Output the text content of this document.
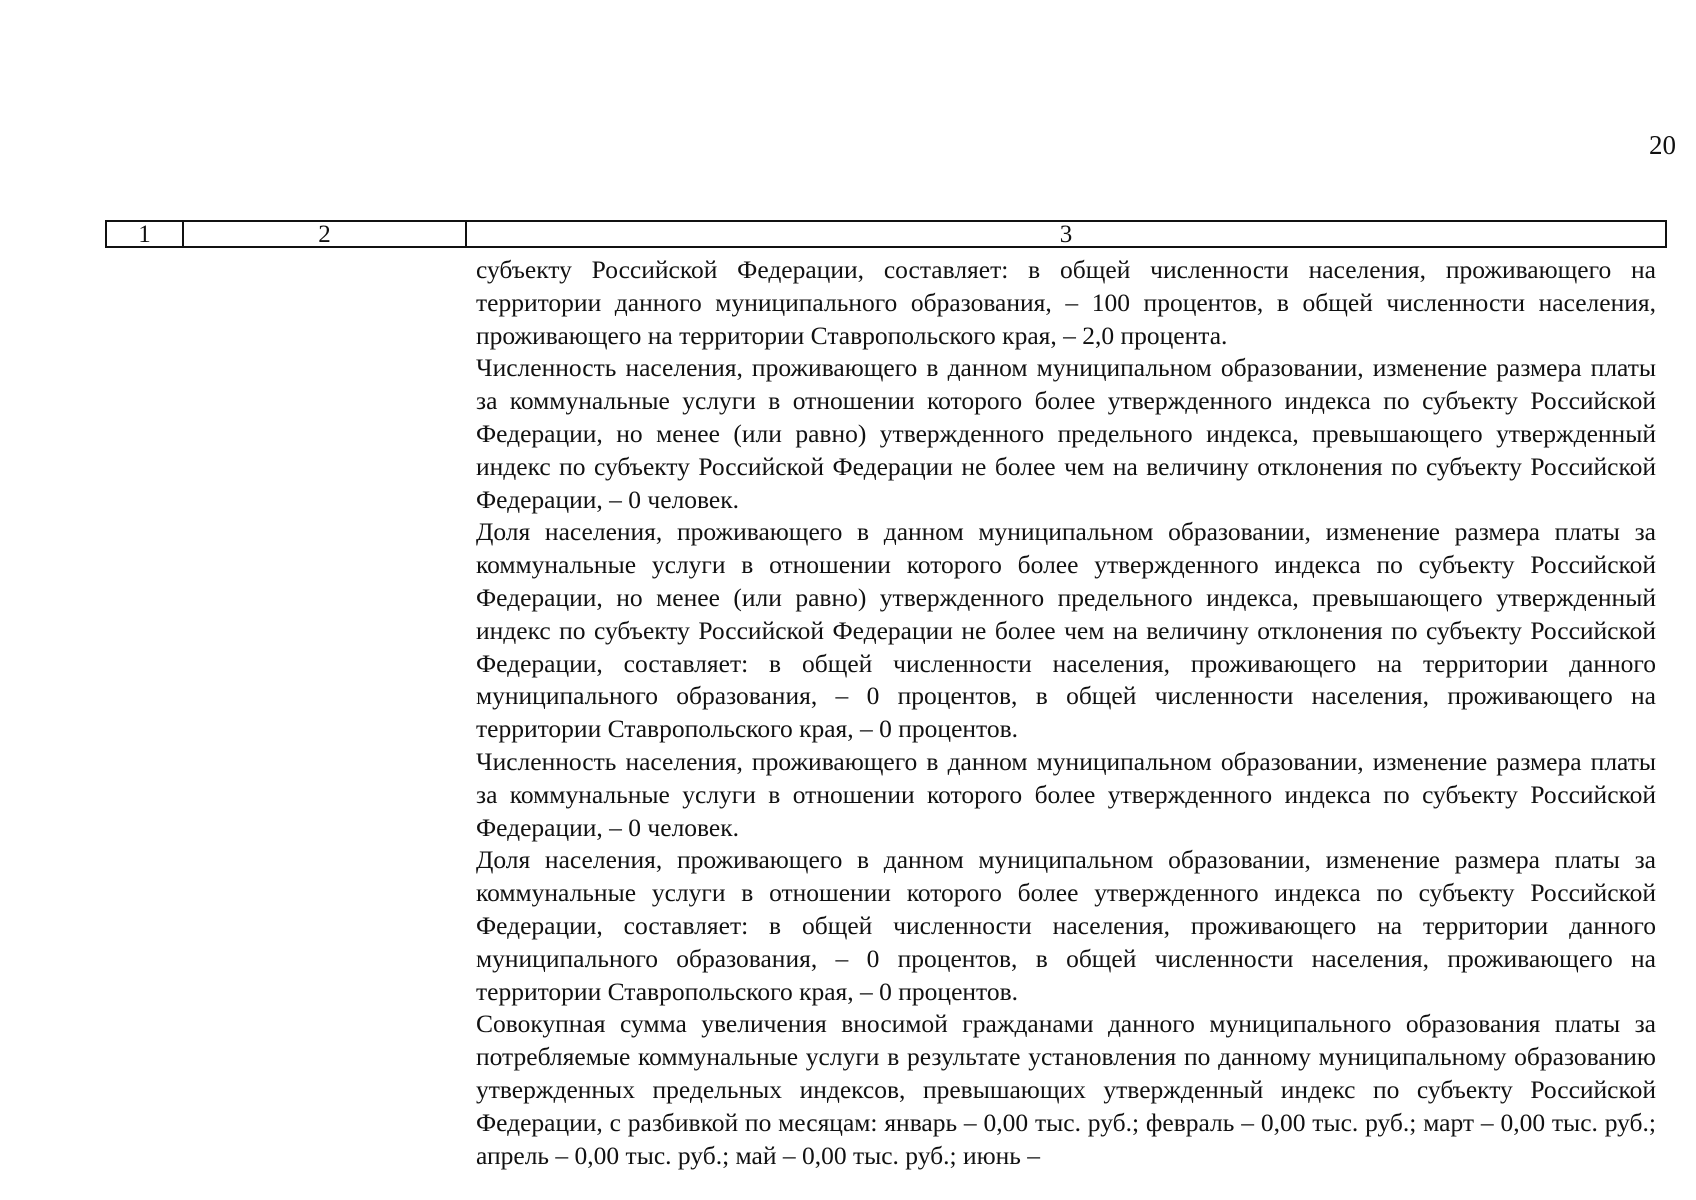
20
1	2	3

субъекту Российской Федерации, составляет: в общей численности населения, проживающего на территории данного муниципального образования, – 100 процентов, в общей численности населения, проживающего на территории Ставропольского края, – 2,0 процента.

Численность населения, проживающего в данном муниципальном образовании, изменение размера платы за коммунальные услуги в отношении которого более утвержденного индекса по субъекту Российской Федерации, но менее (или равно) утвержденного предельного индекса, превышающего утвержденный индекс по субъекту Российской Федерации не более чем на величину отклонения по субъекту Российской Федерации, – 0 человек.

Доля населения, проживающего в данном муниципальном образовании, изменение размера платы за коммунальные услуги в отношении которого более утвержденного индекса по субъекту Российской Федерации, но менее (или равно) утвержденного предельного индекса, превышающего утвержденный индекс по субъекту Российской Федерации не более чем на величину отклонения по субъекту Российской Федерации, составляет: в общей численности населения, проживающего на территории данного муниципального образования, – 0 процентов, в общей численности населения, проживающего на территории Ставропольского края, – 0 процентов.

Численность населения, проживающего в данном муниципальном образовании, изменение размера платы за коммунальные услуги в отношении которого более утвержденного индекса по субъекту Российской Федерации, – 0 человек.

Доля населения, проживающего в данном муниципальном образовании, изменение размера платы за коммунальные услуги в отношении которого более утвержденного индекса по субъекту Российской Федерации, составляет: в общей численности населения, проживающего на территории данного муниципального образования, – 0 процентов, в общей численности населения, проживающего на территории Ставропольского края, – 0 процентов.

Совокупная сумма увеличения вносимой гражданами данного муниципального образования платы за потребляемые коммунальные услуги в результате установления по данному муниципальному образованию утвержденных предельных индексов, превышающих утвержденный индекс по субъекту Российской Федерации, с разбивкой по месяцам: январь – 0,00 тыс. руб.; февраль – 0,00 тыс. руб.; март – 0,00 тыс. руб.; апрель – 0,00 тыс. руб.; май – 0,00 тыс. руб.; июнь –
